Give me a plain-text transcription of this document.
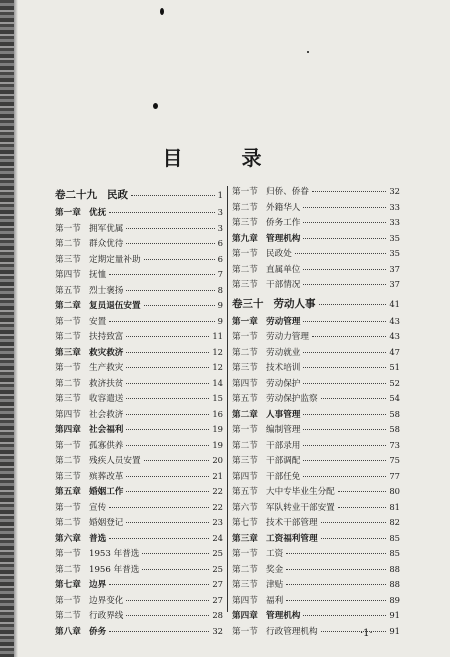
目 录
卷二十九 民政	1
第一章 优抚	3
第一节 拥军优属	3
第二节 群众优待	6
第三节 定期定量补助	6
第四节 抚恤	7
第五节 烈士褒扬	8
第二章 复员退伍安置	9
第一节 安置	9
第二节 扶持致富	11
第三章 救灾救济	12
第一节 生产救灾	12
第二节 救济扶贫	14
第三节 收容遣送	15
第四节 社会救济	16
第四章 社会福利	19
第一节 孤寡供养	19
第二节 残疾人员安置	20
第三节 殡葬改革	21
第五章 婚姻工作	22
第一节 宣传	22
第二节 婚姻登记	23
第六章 普选	24
第一节 1953 年普选	25
第二节 1956 年普选	25
第七章 边界	27
第一节 边界变化	27
第二节 行政界线	28
第八章 侨务	32
第一节 归侨、侨眷	32
第二节 外籍华人	33
第三节 侨务工作	33
第九章 管理机构	35
第一节 民政处	35
第二节 直属单位	37
第三节 干部情况	37
卷三十 劳动人事	41
第一章 劳动管理	43
第一节 劳动力管理	43
第二节 劳动就业	47
第三节 技术培训	51
第四节 劳动保护	52
第五节 劳动保护监察	54
第二章 人事管理	58
第一节 编制管理	58
第二节 干部录用	73
第三节 干部调配	75
第四节 干部任免	77
第五节 大中专毕业生分配	80
第六节 军队转业干部安置	81
第七节 技术干部管理	82
第三章 工资福利管理	85
第一节 工资	85
第二节 奖金	88
第三节 津贴	88
第四节 福利	89
第四章 管理机构	91
第一节 行政管理机构	91
·1·
